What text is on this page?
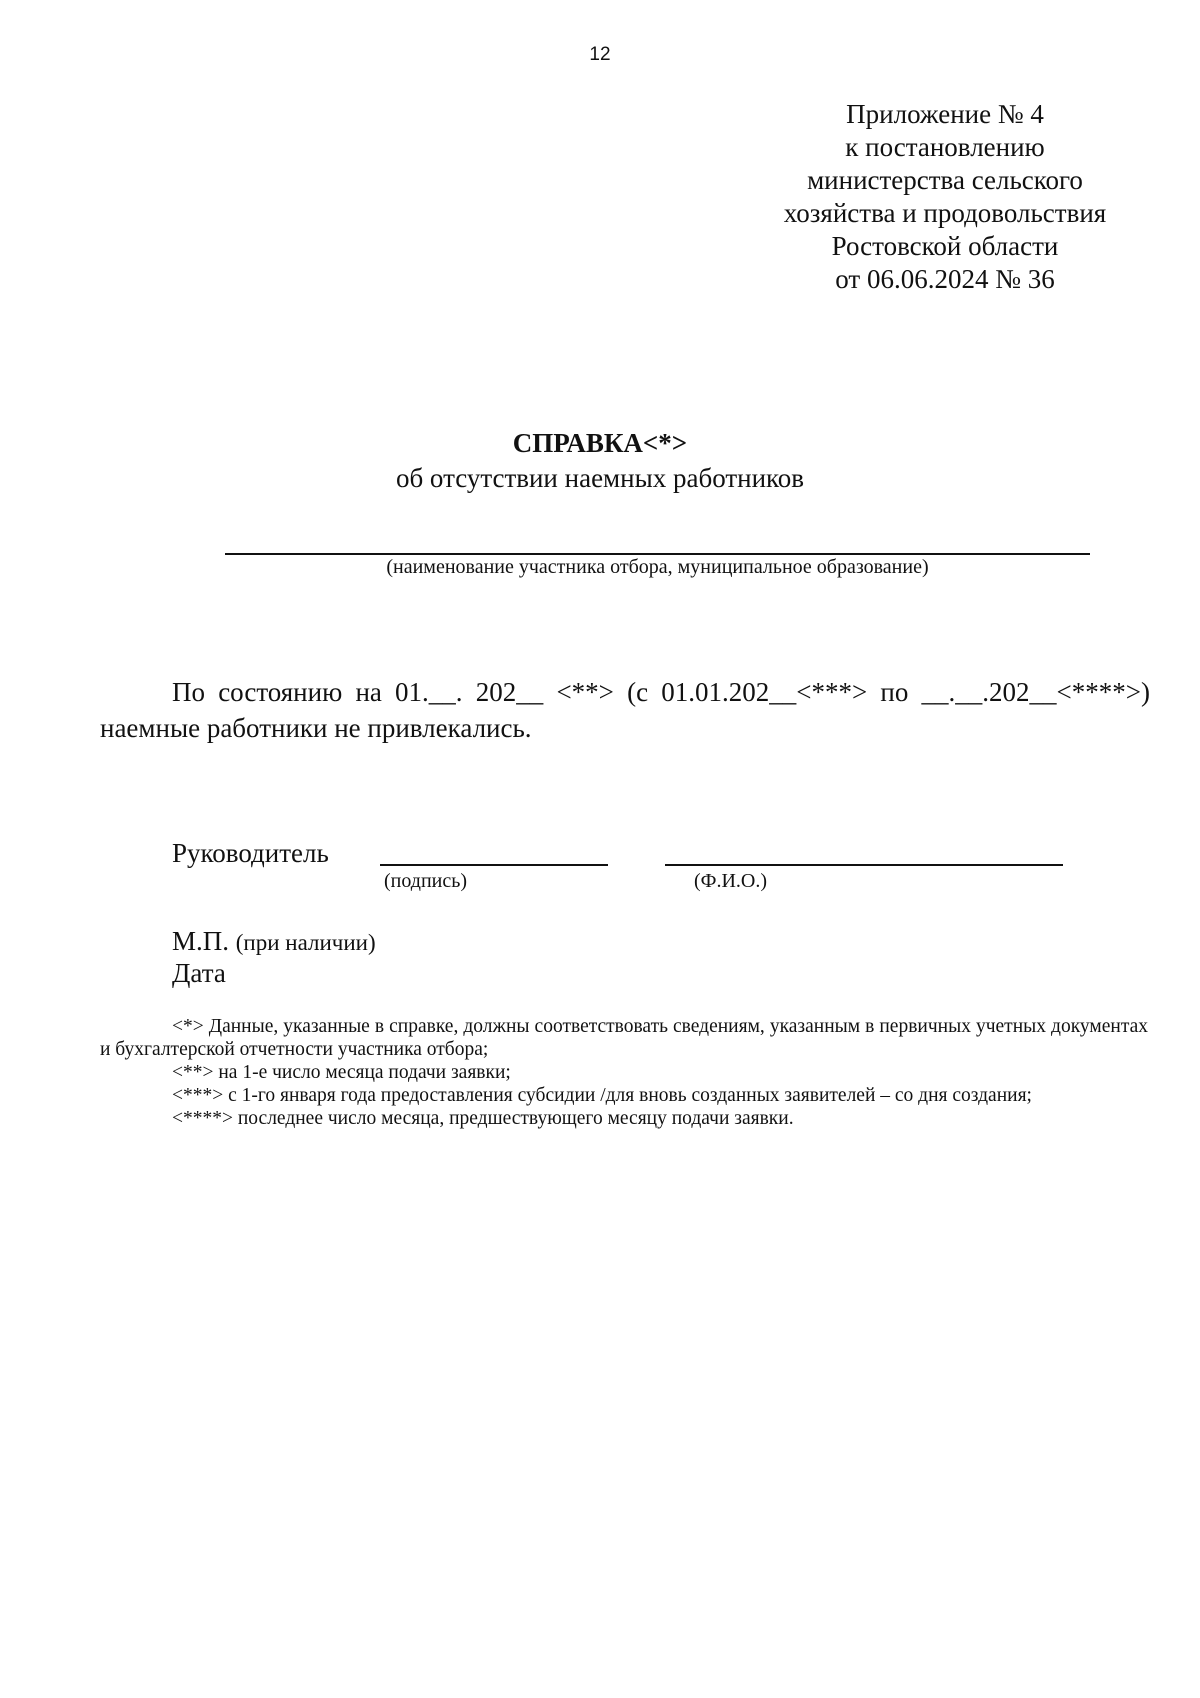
12
Приложение № 4
к постановлению
министерства сельского
хозяйства и продовольствия
Ростовской области
от 06.06.2024 № 36
СПРАВКА<*>
об отсутствии наемных работников
(наименование участника отбора, муниципальное образование)
По состоянию на 01.__. 202__ <**> (с 01.01.202__<***> по __.__.202__<****>)
наемные работники не привлекались.
Руководитель
(подпись)	(Ф.И.О.)
М.П. (при наличии)
Дата

<*> Данные, указанные в справке, должны соответствовать сведениям, указанным в первичных учетных документах и бухгалтерской отчетности участника отбора;

<**> на 1-е число месяца подачи заявки;

<***> с 1-го января года предоставления субсидии /для вновь созданных заявителей – со дня создания;

<****> последнее число месяца, предшествующего месяцу подачи заявки.
